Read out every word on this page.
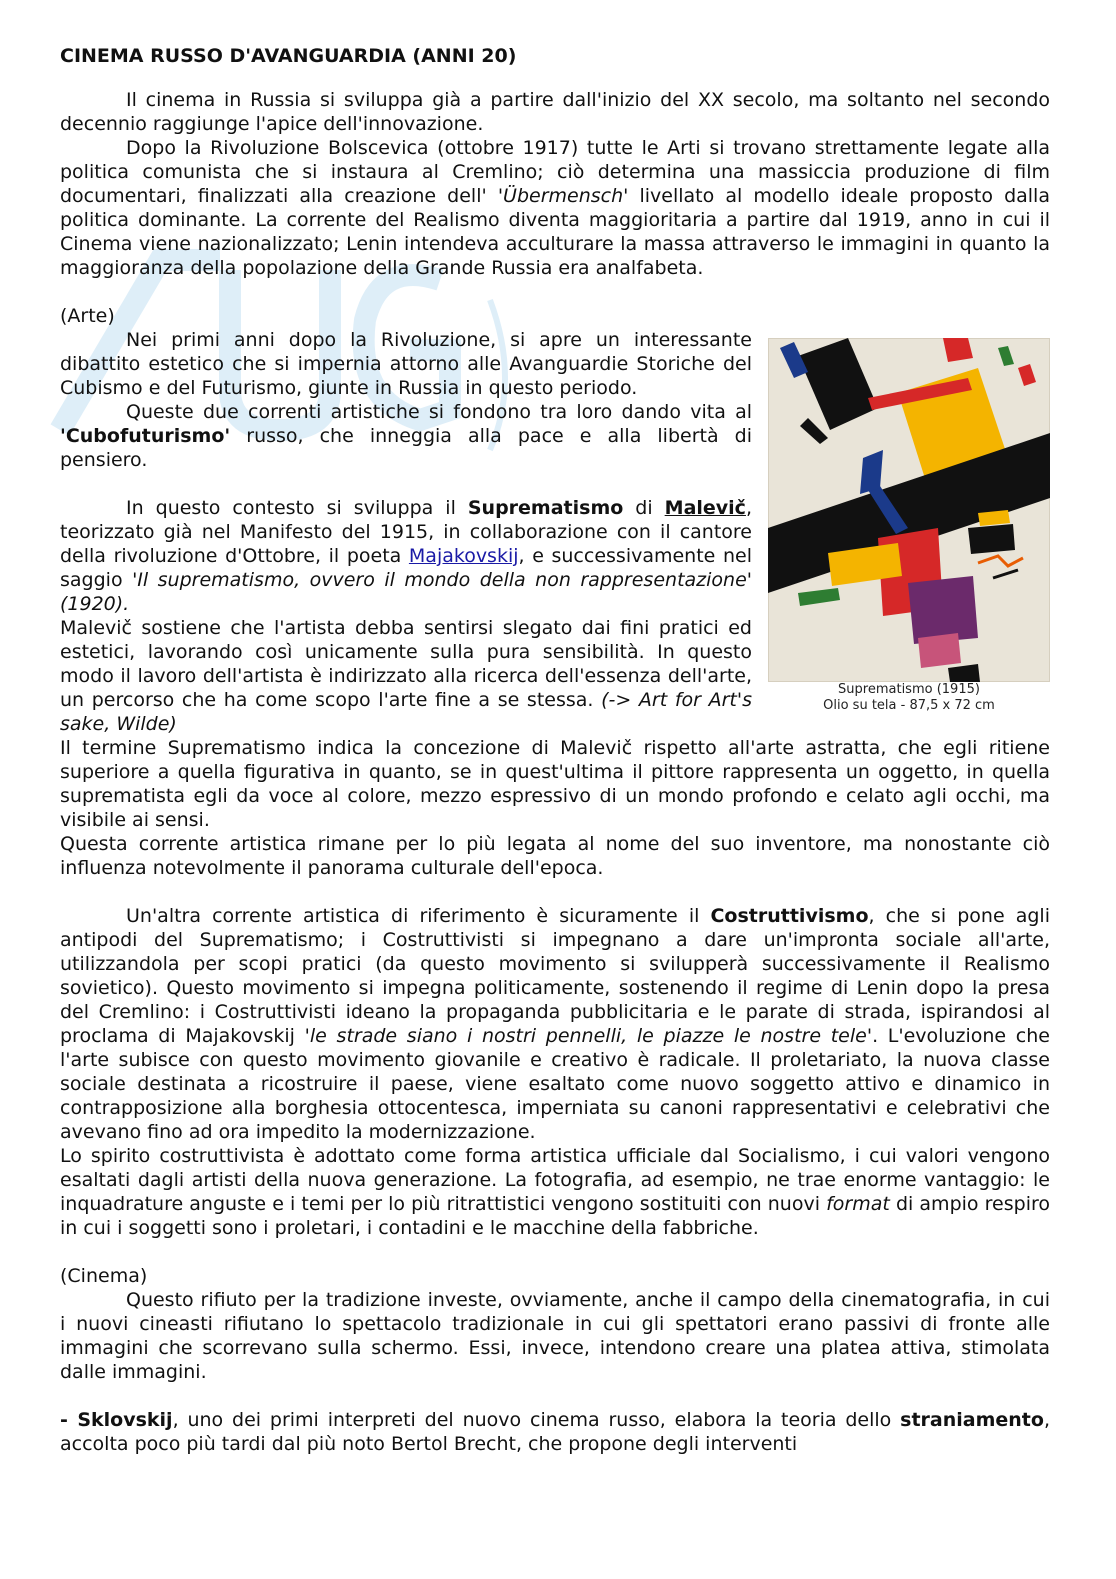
CINEMA RUSSO D'AVANGUARDIA (ANNI 20)

Il cinema in Russia si sviluppa già a partire dall'inizio del XX secolo, ma soltanto nel secondo decennio raggiunge l'apice dell'innovazione.

Dopo la Rivoluzione Bolscevica (ottobre 1917) tutte le Arti si trovano strettamente legate alla politica comunista che si instaura al Cremlino; ciò determina una massiccia produzione di film documentari, finalizzati alla creazione dell' 'Übermensch' livellato al modello ideale proposto dalla politica dominante. La corrente del Realismo diventa maggioritaria a partire dal 1919, anno in cui il Cinema viene nazionalizzato; Lenin intendeva acculturare la massa attraverso le immagini in quanto la maggioranza della popolazione della Grande Russia era analfabeta.

(Arte)

Suprematismo (1915)
Olio su tela - 87,5 x 72 cm

Nei primi anni dopo la Rivoluzione, si apre un interessante dibattito estetico che si impernia attorno alle Avanguardie Storiche del Cubismo e del Futurismo, giunte in Russia in questo periodo.

Queste due correnti artistiche si fondono tra loro dando vita al 'Cubofuturismo' russo, che inneggia alla pace e alla libertà di pensiero.

In questo contesto si sviluppa il Suprematismo di Malevič, teorizzato già nel Manifesto del 1915, in collaborazione con il cantore della rivoluzione d'Ottobre, il poeta Majakovskij, e successivamente nel saggio 'Il suprematismo, ovvero il mondo della non rappresentazione' (1920).

Malevič sostiene che l'artista debba sentirsi slegato dai fini pratici ed estetici, lavorando così unicamente sulla pura sensibilità. In questo modo il lavoro dell'artista è indirizzato alla ricerca dell'essenza dell'arte, un percorso che ha come scopo l'arte fine a se stessa. (-> Art for Art's sake, Wilde)

Il termine Suprematismo indica la concezione di Malevič rispetto all'arte astratta, che egli ritiene superiore a quella figurativa in quanto, se in quest'ultima il pittore rappresenta un oggetto, in quella suprematista egli da voce al colore, mezzo espressivo di un mondo profondo e celato agli occhi, ma visibile ai sensi.

Questa corrente artistica rimane per lo più legata al nome del suo inventore, ma nonostante ciò influenza notevolmente il panorama culturale dell'epoca.

Un'altra corrente artistica di riferimento è sicuramente il Costruttivismo, che si pone agli antipodi del Suprematismo; i Costruttivisti si impegnano a dare un'impronta sociale all'arte, utilizzandola per scopi pratici (da questo movimento si svilupperà successivamente il Realismo sovietico). Questo movimento si impegna politicamente, sostenendo il regime di Lenin dopo la presa del Cremlino: i Costruttivisti ideano la propaganda pubblicitaria e le parate di strada, ispirandosi al proclama di Majakovskij 'le strade siano i nostri pennelli, le piazze le nostre tele'. L'evoluzione che l'arte subisce con questo movimento giovanile e creativo è radicale. Il proletariato, la nuova classe sociale destinata a ricostruire il paese, viene esaltato come nuovo soggetto attivo e dinamico in contrapposizione alla borghesia ottocentesca, imperniata su canoni rappresentativi e celebrativi che avevano fino ad ora impedito la modernizzazione.

Lo spirito costruttivista è adottato come forma artistica ufficiale dal Socialismo, i cui valori vengono esaltati dagli artisti della nuova generazione. La fotografia, ad esempio, ne trae enorme vantaggio: le inquadrature anguste e i temi per lo più ritrattistici vengono sostituiti con nuovi format di ampio respiro in cui i soggetti sono i proletari, i contadini e le macchine della fabbriche.

(Cinema)

Questo rifiuto per la tradizione investe, ovviamente, anche il campo della cinematografia, in cui i nuovi cineasti rifiutano lo spettacolo tradizionale in cui gli spettatori erano passivi di fronte alle immagini che scorrevano sulla schermo. Essi, invece, intendono creare una platea attiva, stimolata dalle immagini.

- Sklovskij, uno dei primi interpreti del nuovo cinema russo, elabora la teoria dello straniamento, accolta poco più tardi dal più noto Bertol Brecht, che propone degli interventi
